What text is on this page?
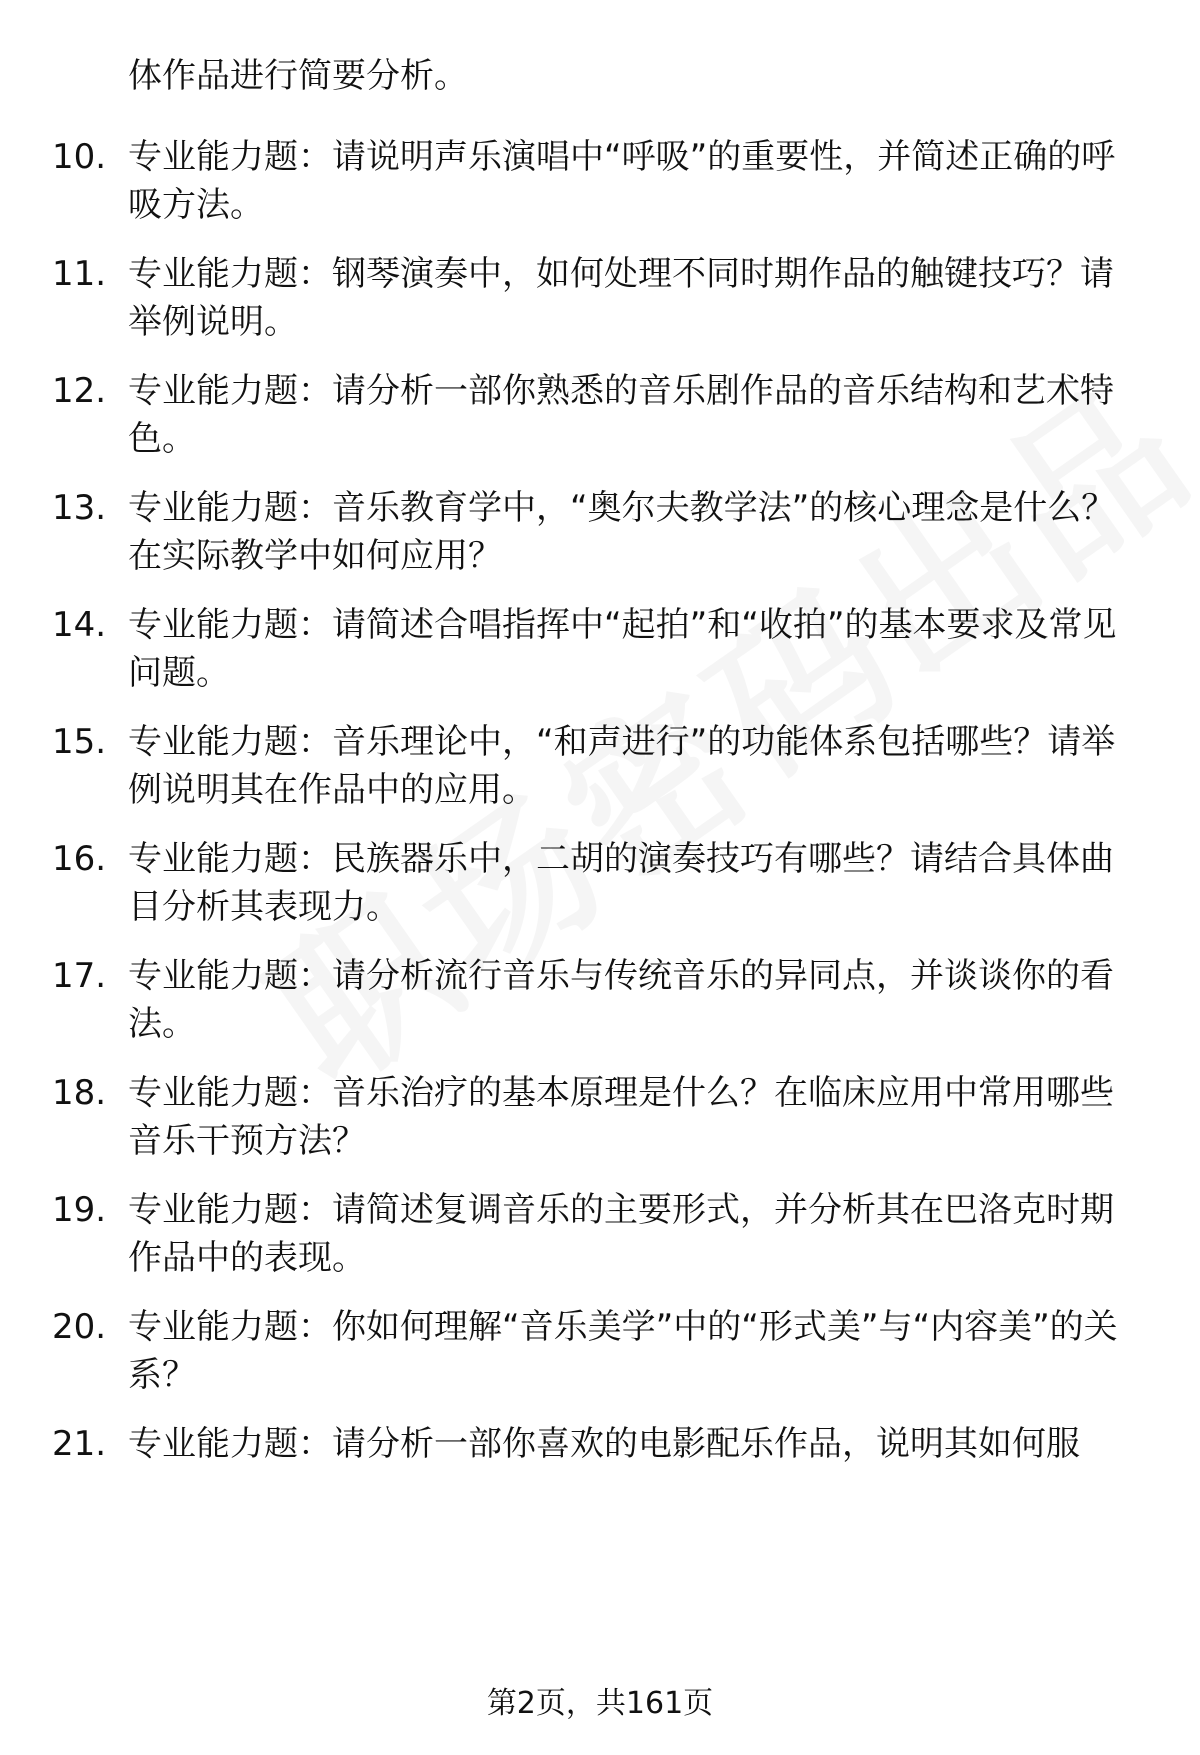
体作品进行简要分析。

10. 专业能力题：请说明声乐演唱中“呼吸”的重要性，并简述正确的呼吸方法。

11. 专业能力题：钢琴演奏中，如何处理不同时期作品的触键技巧？请举例说明。

12. 专业能力题：请分析一部你熟悉的音乐剧作品的音乐结构和艺术特色。

13. 专业能力题：音乐教育学中，“奥尔夫教学法”的核心理念是什么？在实际教学中如何应用？

14. 专业能力题：请简述合唱指挥中“起拍”和“收拍”的基本要求及常见问题。

15. 专业能力题：音乐理论中，“和声进行”的功能体系包括哪些？请举例说明其在作品中的应用。

16. 专业能力题：民族器乐中，二胡的演奏技巧有哪些？请结合具体曲目分析其表现力。

17. 专业能力题：请分析流行音乐与传统音乐的异同点，并谈谈你的看法。

18. 专业能力题：音乐治疗的基本原理是什么？在临床应用中常用哪些音乐干预方法？

19. 专业能力题：请简述复调音乐的主要形式，并分析其在巴洛克时期作品中的表现。

20. 专业能力题：你如何理解“音乐美学”中的“形式美”与“内容美”的关系？

21. 专业能力题：请分析一部你喜欢的电影配乐作品，说明其如何服

第2页，共161页
